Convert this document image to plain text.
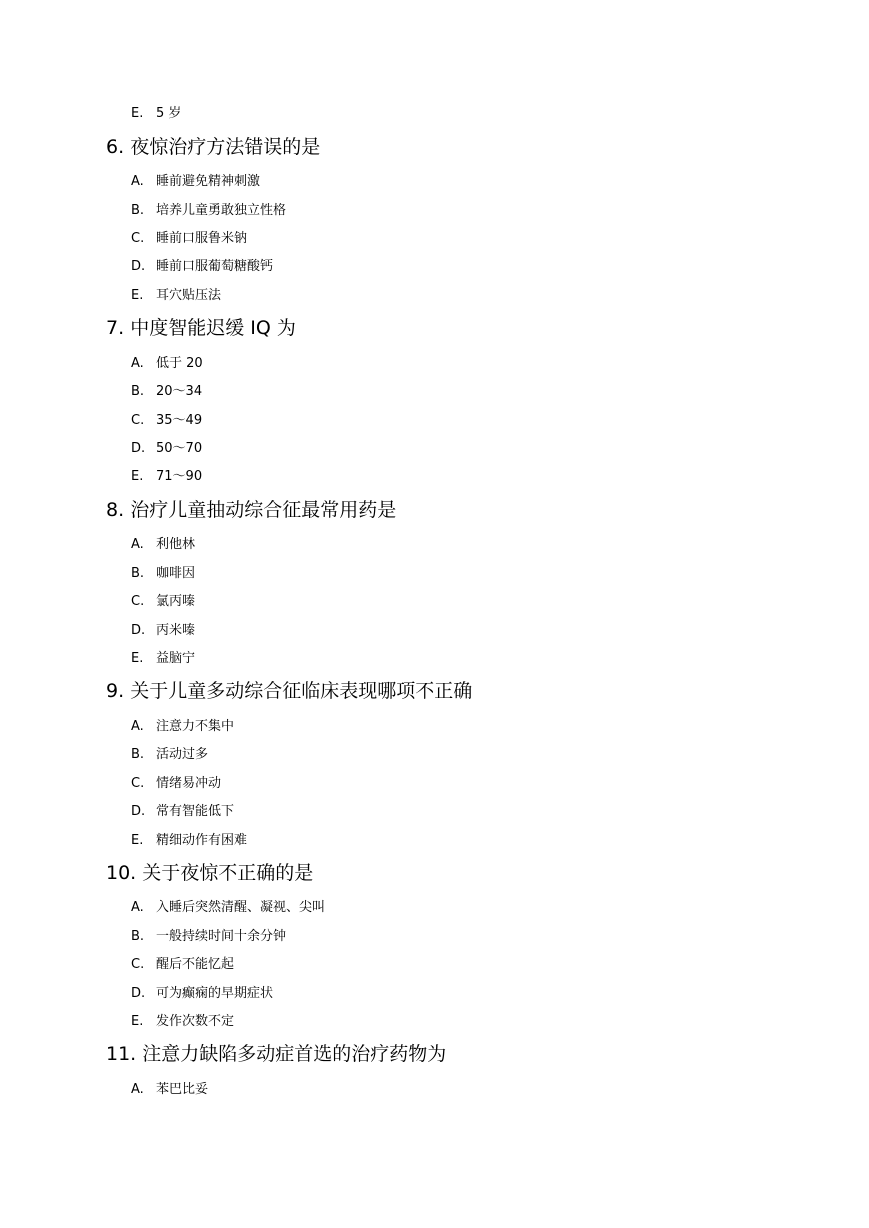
E. 5 岁
6. 夜惊治疗方法错误的是
A. 睡前避免精神刺激
B. 培养儿童勇敢独立性格
C. 睡前口服鲁米钠
D. 睡前口服葡萄糖酸钙
E. 耳穴贴压法
7. 中度智能迟缓 IQ 为
A. 低于 20
B. 20～34
C. 35～49
D. 50～70
E. 71～90
8. 治疗儿童抽动综合征最常用药是
A. 利他林
B. 咖啡因
C. 氯丙嗪
D. 丙米嗪
E. 益脑宁
9. 关于儿童多动综合征临床表现哪项不正确
A. 注意力不集中
B. 活动过多
C. 情绪易冲动
D. 常有智能低下
E. 精细动作有困难
10. 关于夜惊不正确的是
A. 入睡后突然清醒、凝视、尖叫
B. 一般持续时间十余分钟
C. 醒后不能忆起
D. 可为癫痫的早期症状
E. 发作次数不定
11. 注意力缺陷多动症首选的治疗药物为
A. 苯巴比妥
